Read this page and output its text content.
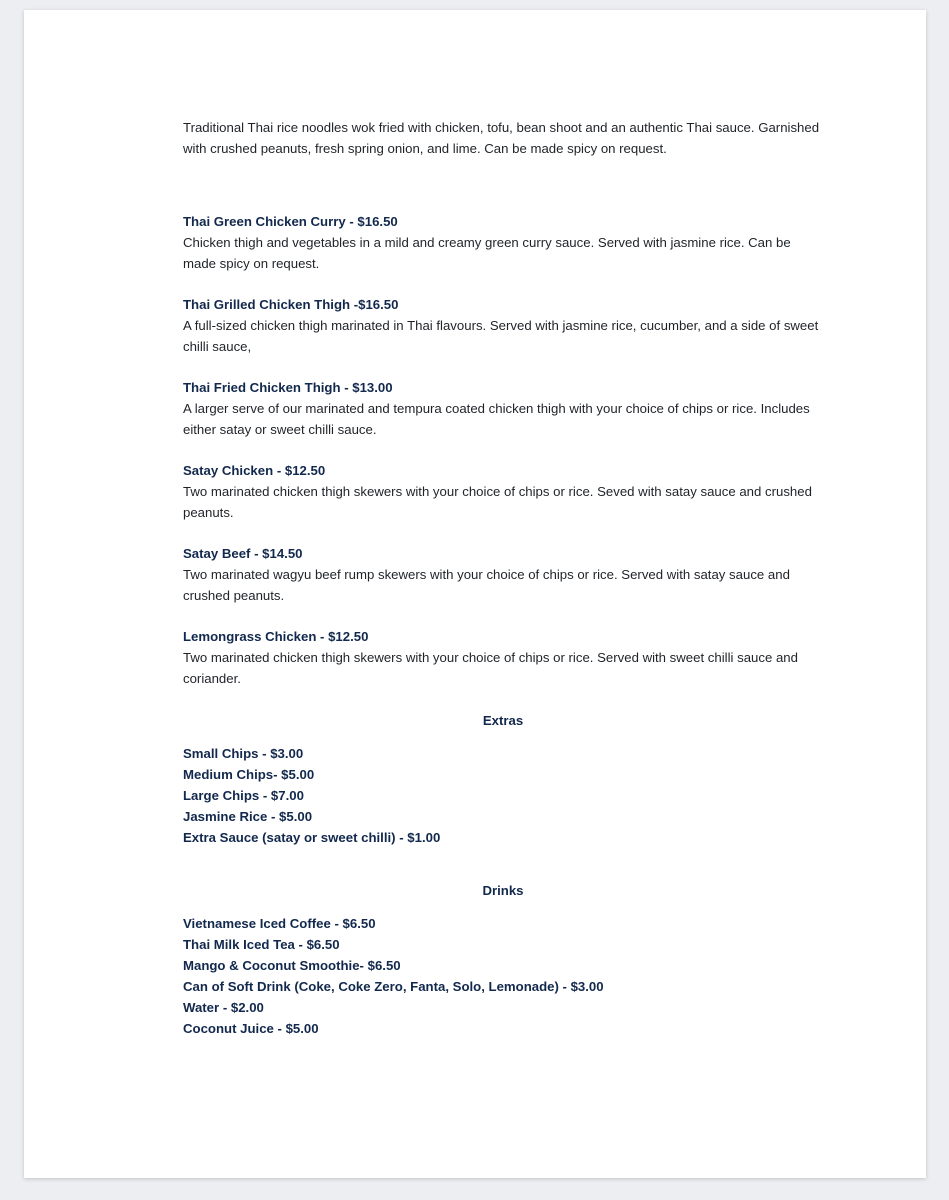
Traditional Thai rice noodles wok fried with chicken, tofu, bean shoot and an authentic Thai sauce. Garnished with crushed peanuts, fresh spring onion, and lime. Can be made spicy on request.

Thai Green Chicken Curry - $16.50
Chicken thigh and vegetables in a mild and creamy green curry sauce. Served with jasmine rice. Can be made spicy on request.
Thai Grilled Chicken Thigh -$16.50
A full-sized chicken thigh marinated in Thai flavours. Served with jasmine rice, cucumber, and a side of sweet chilli sauce,
Thai Fried Chicken Thigh - $13.00
A larger serve of our marinated and tempura coated chicken thigh with your choice of chips or rice. Includes either satay or sweet chilli sauce.
Satay Chicken - $12.50
Two marinated chicken thigh skewers with your choice of chips or rice. Seved with satay sauce and crushed peanuts.
Satay Beef - $14.50
Two marinated wagyu beef rump skewers with your choice of chips or rice. Served with satay sauce and crushed peanuts.
Lemongrass Chicken - $12.50
Two marinated chicken thigh skewers with your choice of chips or rice. Served with sweet chilli sauce and coriander.
Extras
Small Chips - $3.00
Medium Chips- $5.00
Large Chips - $7.00
Jasmine Rice - $5.00
Extra Sauce (satay or sweet chilli) - $1.00
Drinks
Vietnamese Iced Coffee - $6.50
Thai Milk Iced Tea - $6.50
Mango & Coconut Smoothie- $6.50
Can of Soft Drink (Coke, Coke Zero, Fanta, Solo, Lemonade) - $3.00
Water - $2.00
Coconut Juice - $5.00
